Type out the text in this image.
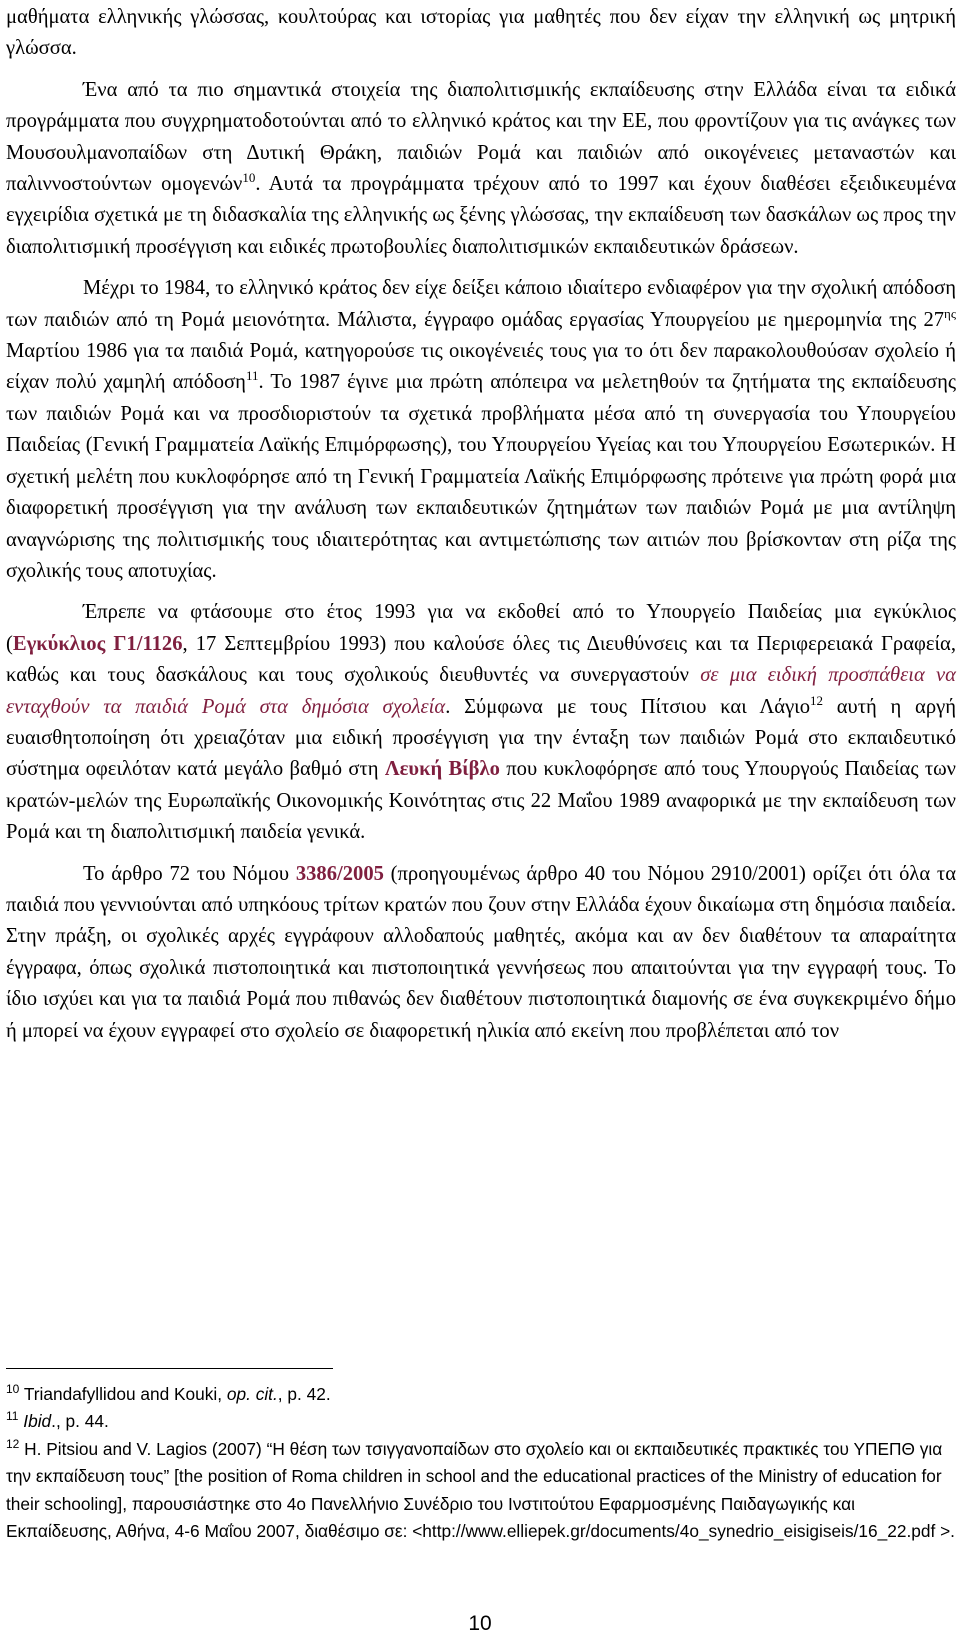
μαθήματα ελληνικής γλώσσας, κουλτούρας και ιστορίας για μαθητές που δεν είχαν την ελληνική ως μητρική γλώσσα.

Ένα από τα πιο σημαντικά στοιχεία της διαπολιτισμικής εκπαίδευσης στην Ελλάδα είναι τα ειδικά προγράμματα που συγχρηματοδοτούνται από το ελληνικό κράτος και την ΕΕ, που φροντίζουν για τις ανάγκες των Μουσουλμανοπαίδων στη Δυτική Θράκη, παιδιών Ρομά και παιδιών από οικογένειες μεταναστών και παλιννοστούντων ομογενών$^{10}$. Αυτά τα προγράμματα τρέχουν από το 1997 και έχουν διαθέσει εξειδικευμένα εγχειρίδια σχετικά με τη διδασκαλία της ελληνικής ως ξένης γλώσσας, την εκπαίδευση των δασκάλων ως προς την διαπολιτισμική προσέγγιση και ειδικές πρωτοβουλίες διαπολιτισμικών εκπαιδευτικών δράσεων.

Μέχρι το 1984, το ελληνικό κράτος δεν είχε δείξει κάποιο ιδιαίτερο ενδιαφέρον για την σχολική απόδοση των παιδιών από τη Ρομά μειονότητα. Μάλιστα, έγγραφο ομάδας εργασίας Υπουργείου με ημερομηνία της $27^{\eta\varsigma}$ Μαρτίου 1986 για τα παιδιά Ρομά, κατηγορούσε τις οικογένειές τους για το ότι δεν παρακολουθούσαν σχολείο ή είχαν πολύ χαμηλή απόδοση$^{11}$. Το 1987 έγινε μια πρώτη απόπειρα να μελετηθούν τα ζητήματα της εκπαίδευσης των παιδιών Ρομά και να προσδιοριστούν τα σχετικά προβλήματα μέσα από τη συνεργασία του Υπουργείου Παιδείας (Γενική Γραμματεία Λαϊκής Επιμόρφωσης), του Υπουργείου Υγείας και του Υπουργείου Εσωτερικών. Η σχετική μελέτη που κυκλοφόρησε από τη Γενική Γραμματεία Λαϊκής Επιμόρφωσης πρότεινε για πρώτη φορά μια διαφορετική προσέγγιση για την ανάλυση των εκπαιδευτικών ζητημάτων των παιδιών Ρομά με μια αντίληψη αναγνώρισης της πολιτισμικής τους ιδιαιτερότητας και αντιμετώπισης των αιτιών που βρίσκονταν στη ρίζα της σχολικής τους αποτυχίας.

Έπρεπε να φτάσουμε στο έτος 1993 για να εκδοθεί από το Υπουργείο Παιδείας μια εγκύκλιος (Εγκύκλιος Γ1/1126, 17 Σεπτεμβρίου 1993) που καλούσε όλες τις Διευθύνσεις και τα Περιφερειακά Γραφεία, καθώς και τους δασκάλους και τους σχολικούς διευθυντές να συνεργαστούν σε μια ειδική προσπάθεια να ενταχθούν τα παιδιά Ρομά στα δημόσια σχολεία. Σύμφωνα με τους Πίτσιου και Λάγιο$^{12}$ αυτή η αργή ευαισθητοποίηση ότι χρειαζόταν μια ειδική προσέγγιση για την ένταξη των παιδιών Ρομά στο εκπαιδευτικό σύστημα οφειλόταν κατά μεγάλο βαθμό στη Λευκή Βίβλο που κυκλοφόρησε από τους Υπουργούς Παιδείας των κρατών-μελών της Ευρωπαϊκής Οικονομικής Κοινότητας στις 22 Μαΐου 1989 αναφορικά με την εκπαίδευση των Ρομά και τη διαπολιτισμική παιδεία γενικά.

Το άρθρο 72 του Νόμου 3386/2005 (προηγουμένως άρθρο 40 του Νόμου 2910/2001) ορίζει ότι όλα τα παιδιά που γεννιούνται από υπηκόους τρίτων κρατών που ζουν στην Ελλάδα έχουν δικαίωμα στη δημόσια παιδεία. Στην πράξη, οι σχολικές αρχές εγγράφουν αλλοδαπούς μαθητές, ακόμα και αν δεν διαθέτουν τα απαραίτητα έγγραφα, όπως σχολικά πιστοποιητικά και πιστοποιητικά γεννήσεως που απαιτούνται για την εγγραφή τους. Το ίδιο ισχύει και για τα παιδιά Ρομά που πιθανώς δεν διαθέτουν πιστοποιητικά διαμονής σε ένα συγκεκριμένο δήμο ή μπορεί να έχουν εγγραφεί στο σχολείο σε διαφορετική ηλικία από εκείνη που προβλέπεται από τον

$^{10}$ Triandafyllidou and Kouki, op. cit., p. 42.

$^{11}$ Ibid., p. 44.

$^{12}$ H. Pitsiou and V. Lagios (2007) “Η θέση των τσιγγανοπαίδων στο σχολείο και οι εκπαιδευτικές πρακτικές του ΥΠΕΠΘ για την εκπαίδευση τους” [the position of Roma children in school and the educational practices of the Ministry of education for their schooling], παρουσιάστηκε στο 4ο Πανελλήνιο Συνέδριο του Ινστιτούτου Εφαρμοσμένης Παιδαγωγικής και Εκπαίδευσης, Αθήνα, 4-6 Μαΐου 2007, διαθέσιμο σε: <http://www.elliepek.gr/documents/4o_synedrio_eisigiseis/16_22.pdf >.

10
